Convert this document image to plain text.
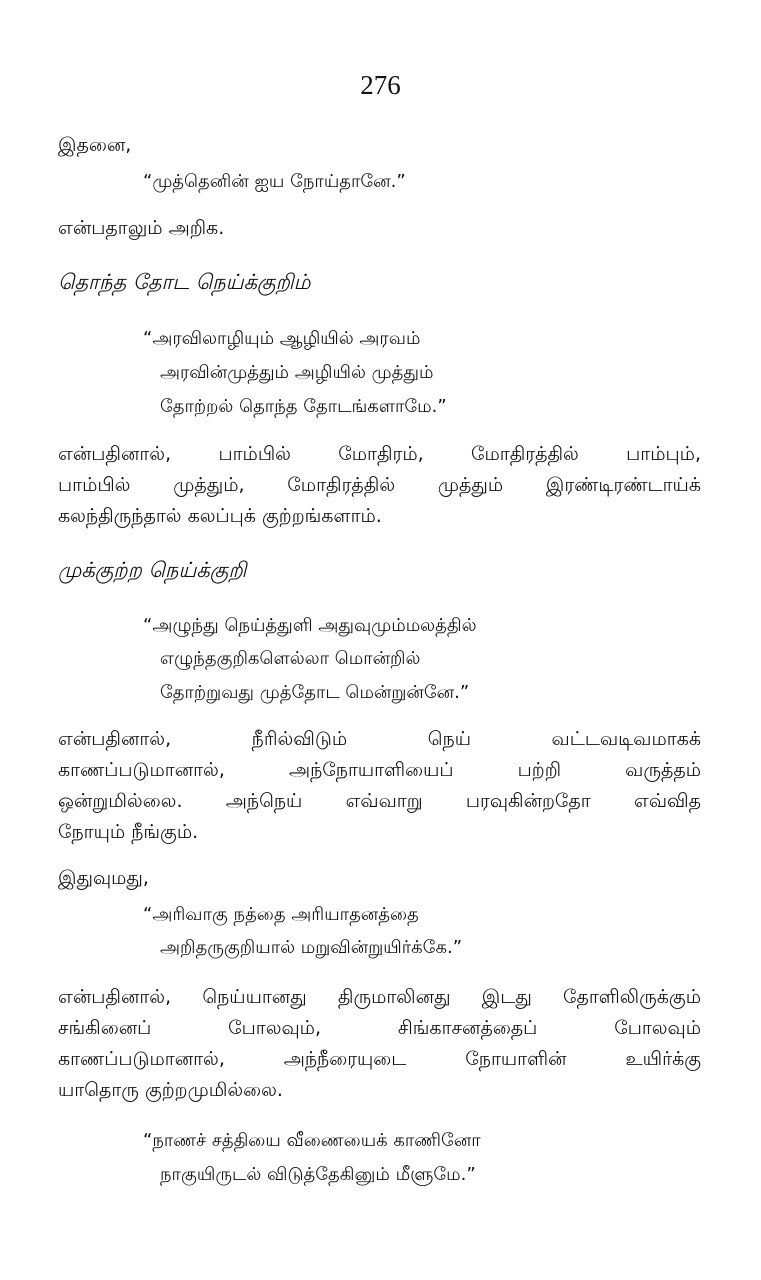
276
இதனை,
“முத்தெனின் ஐய நோய்தானே.”
என்பதாலும் அறிக.
தொந்த தோட நெய்க்குறிம்
“அரவிலாழியும் ஆழியில் அரவம்
அரவின்முத்தும் அழியில் முத்தும்
தோற்றல் தொந்த தோடங்களாமே.”
என்பதினால், பாம்பில் மோதிரம், மோதிரத்தில் பாம்பும்,
பாம்பில் முத்தும், மோதிரத்தில் முத்தும் இரண்டிரண்டாய்க்
கலந்திருந்தால் கலப்புக் குற்றங்களாம்.
முக்குற்ற நெய்க்குறி
“அழுந்து நெய்த்துளி அதுவுமும்மலத்தில்
எழுந்தகுறிகளெல்லா மொன்றில்
தோற்றுவது முத்தோட மென்றுன்னே.”
என்பதினால், நீரில்விடும் நெய் வட்டவடிவமாகக்
காணப்படுமானால், அந்நோயாளியைப் பற்றி வருத்தம்
ஒன்றுமில்லை. அந்நெய் எவ்வாறு பரவுகின்றதோ எவ்வித
நோயும் நீங்கும்.
இதுவுமது,
“அரிவாகு நத்தை அரியாதனத்தை
அறிதருகுறியால் மறுவின்றுயிர்க்கே.”
என்பதினால், நெய்யானது திருமாலினது இடது தோளிலிருக்கும்
சங்கினைப் போலவும், சிங்காசனத்தைப் போலவும்
காணப்படுமானால், அந்நீரையுடை நோயாளின் உயிர்க்கு
யாதொரு குற்றமுமில்லை.
“நாணச் சத்தியை வீணையைக் காணினோ
நாகுயிருடல் விடுத்தேகினும் மீளுமே.”
